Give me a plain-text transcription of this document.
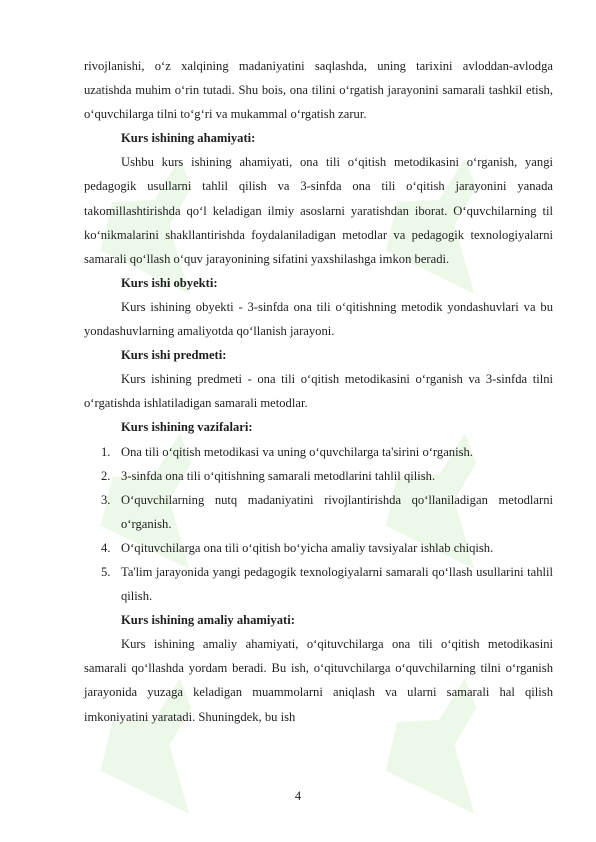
rivojlanishi, o‘z xalqining madaniyatini saqlashda, uning tarixini avloddan-avlodga uzatishda muhim o‘rin tutadi. Shu bois, ona tilini o‘rgatish jarayonini samarali tashkil etish, o‘quvchilarga tilni to‘g‘ri va mukammal o‘rgatish zarur.

Kurs ishining ahamiyati:

Ushbu kurs ishining ahamiyati, ona tili o‘qitish metodikasini o‘rganish, yangi pedagogik usullarni tahlil qilish va 3-sinfda ona tili o‘qitish jarayonini yanada takomillashtirishda qo‘l keladigan ilmiy asoslarni yaratishdan iborat. O‘quvchilarning til ko‘nikmalarini shakllantirishda foydalaniladigan metodlar va pedagogik texnologiyalarni samarali qo‘llash o‘quv jarayonining sifatini yaxshilashga imkon beradi.

Kurs ishi obyekti:

Kurs ishining obyekti - 3-sinfda ona tili o‘qitishning metodik yondashuvlari va bu yondashuvlarning amaliyotda qo‘llanish jarayoni.

Kurs ishi predmeti:

Kurs ishining predmeti - ona tili o‘qitish metodikasini o‘rganish va 3-sinfda tilni o‘rgatishda ishlatiladigan samarali metodlar.

Kurs ishining vazifalari:

1. Ona tili o‘qitish metodikasi va uning o‘quvchilarga ta'sirini o‘rganish.
2. 3-sinfda ona tili o‘qitishning samarali metodlarini tahlil qilish.
3. O‘quvchilarning nutq madaniyatini rivojlantirishda qo‘llaniladigan metodlarni o‘rganish.
4. O‘qituvchilarga ona tili o‘qitish bo‘yicha amaliy tavsiyalar ishlab chiqish.
5. Ta'lim jarayonida yangi pedagogik texnologiyalarni samarali qo‘llash usullarini tahlil qilish.

Kurs ishining amaliy ahamiyati:

Kurs ishining amaliy ahamiyati, o‘qituvchilarga ona tili o‘qitish metodikasini samarali qo‘llashda yordam beradi. Bu ish, o‘qituvchilarga o‘quvchilarning tilni o‘rganish jarayonida yuzaga keladigan muammolarni aniqlash va ularni samarali hal qilish imkoniyatini yaratadi. Shuningdek, bu ish

4
